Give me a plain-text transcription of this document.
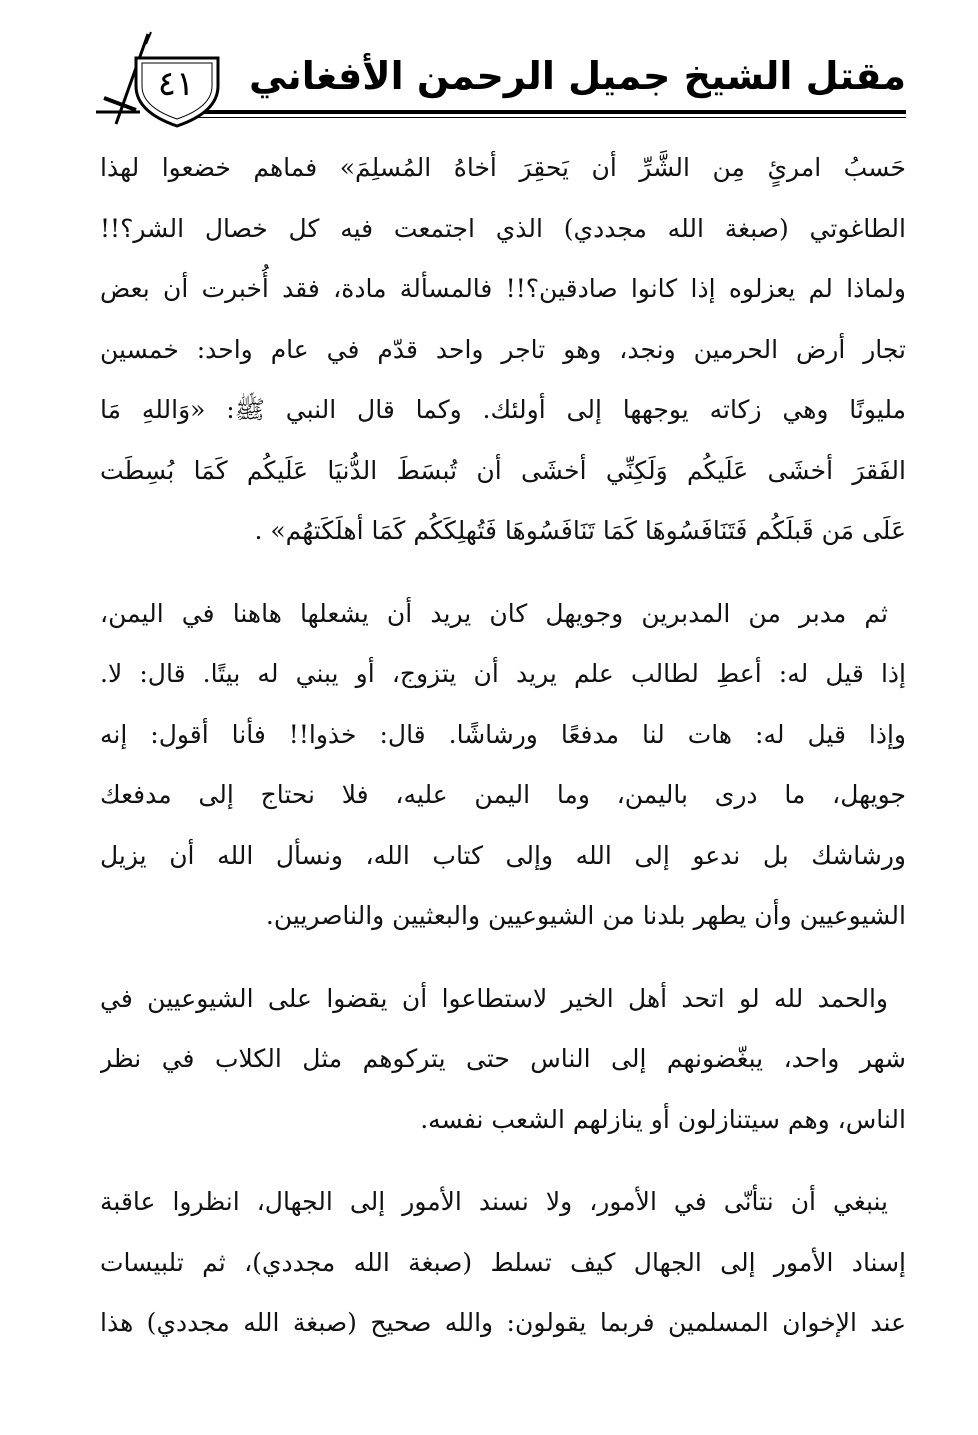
مقتل الشيخ جميل الرحمن الأفغاني
٤١
حَسبُ امرئٍ مِن الشَّرِّ أن يَحقِرَ أخاهُ المُسلِمَ» فماهم خضعوا لهذا
الطاغوتي (صبغة الله مجددي) الذي اجتمعت فيه كل خصال الشر؟!!
ولماذا لم يعزلوه إذا كانوا صادقين؟!! فالمسألة مادة، فقد أُخبرت أن بعض
تجار أرض الحرمين ونجد، وهو تاجر واحد قدّم في عام واحد: خمسين
مليونًا وهي زكاته يوجهها إلى أولئك. وكما قال النبي ﷺ: «وَاللهِ مَا
الفَقرَ أخشَى عَلَيكُم وَلَكِنِّي أخشَى أن تُبسَطَ الدُّنيَا عَلَيكُم كَمَا بُسِطَت
عَلَى مَن قَبلَكُم فَتَنَافَسُوهَا كَمَا تَنَافَسُوهَا فَتُهلِكَكُم كَمَا أهلَكَتهُم» .
ثم مدبر من المدبرين وجويهل كان يريد أن يشعلها هاهنا في اليمن،
إذا قيل له: أعطِ لطالب علم يريد أن يتزوج، أو يبني له بيتًا. قال: لا.
وإذا قيل له: هات لنا مدفعًا ورشاشًا. قال: خذوا!! فأنا أقول: إنه
جويهل، ما درى باليمن، وما اليمن عليه، فلا نحتاج إلى مدفعك
ورشاشك بل ندعو إلى الله وإلى كتاب الله، ونسأل الله أن يزيل
الشيوعيين وأن يطهر بلدنا من الشيوعيين والبعثيين والناصريين.
والحمد لله لو اتحد أهل الخير لاستطاعوا أن يقضوا على الشيوعيين في
شهر واحد، يبغّضونهم إلى الناس حتى يتركوهم مثل الكلاب في نظر
الناس، وهم سيتنازلون أو ينازلهم الشعب نفسه.
ينبغي أن نتأنّى في الأمور، ولا نسند الأمور إلى الجهال، انظروا عاقبة
إسناد الأمور إلى الجهال كيف تسلط (صبغة الله مجددي)، ثم تلبيسات
عند الإخوان المسلمين فربما يقولون: والله صحيح (صبغة الله مجددي) هذا
